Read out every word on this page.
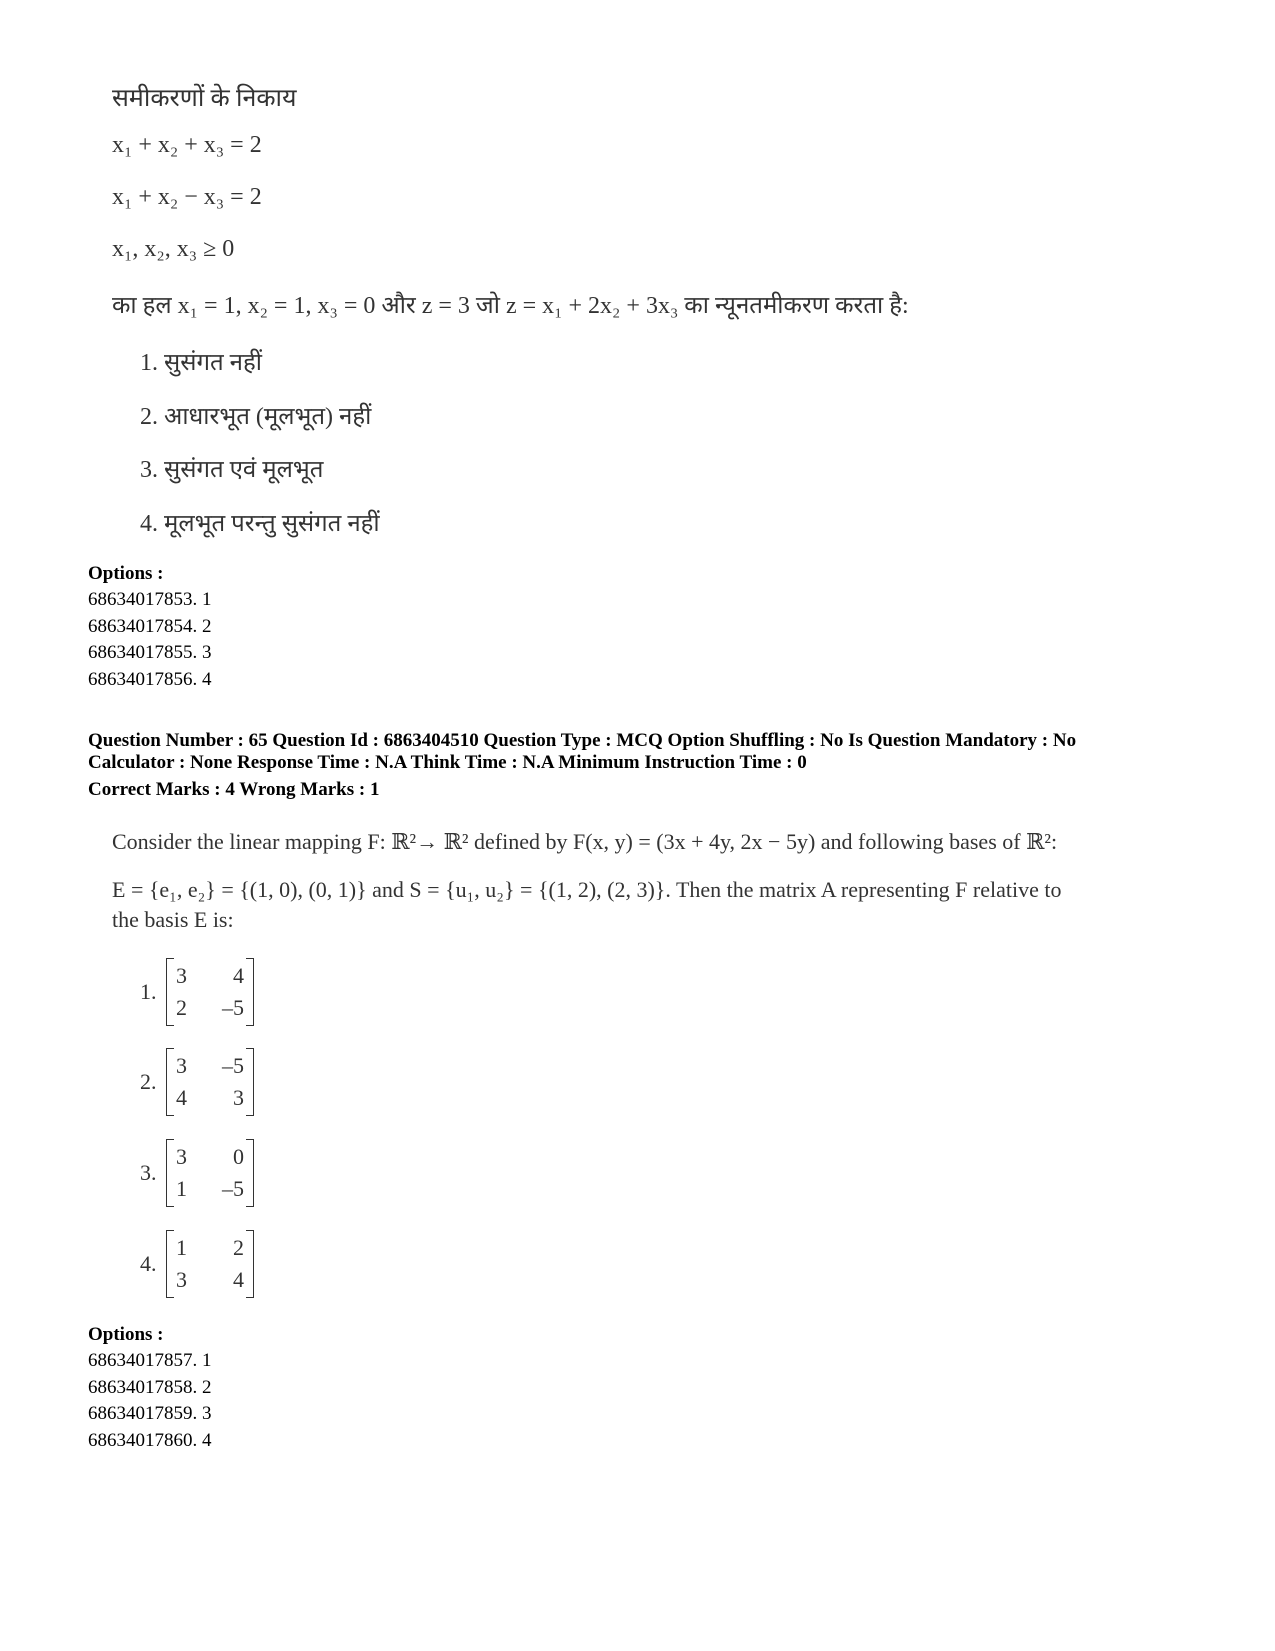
समीकरणों के निकाय
x₁ + x₂ + x₃ = 2
x₁ + x₂ − x₃ = 2
x₁, x₂, x₃ ≥ 0
का हल x₁ = 1, x₂ = 1, x₃ = 0 और z = 3 जो z = x₁ + 2x₂ + 3x₃ का न्यूनतमीकरण करता है:
1. सुसंगत नहीं
2. आधारभूत (मूलभूत) नहीं
3. सुसंगत एवं मूलभूत
4. मूलभूत परन्तु सुसंगत नहीं
Options :
68634017853. 1
68634017854. 2
68634017855. 3
68634017856. 4
Question Number : 65 Question Id : 6863404510 Question Type : MCQ Option Shuffling : No Is Question Mandatory : No
Calculator : None Response Time : N.A Think Time : N.A Minimum Instruction Time : 0
Correct Marks : 4 Wrong Marks : 1
Consider the linear mapping F: ℝ²→ ℝ² defined by F(x, y) = (3x + 4y, 2x − 5y) and following bases of ℝ²:
E = {e₁, e₂} = {(1, 0), (0, 1)} and S = {u₁, u₂} = {(1, 2), (2, 3)}. Then the matrix A representing F relative to
the basis E is:
1.
3	4
2	–5
2.
3	–5
4	3
3.
3	0
1	–5
4.
1	2
3	4
Options :
68634017857. 1
68634017858. 2
68634017859. 3
68634017860. 4
